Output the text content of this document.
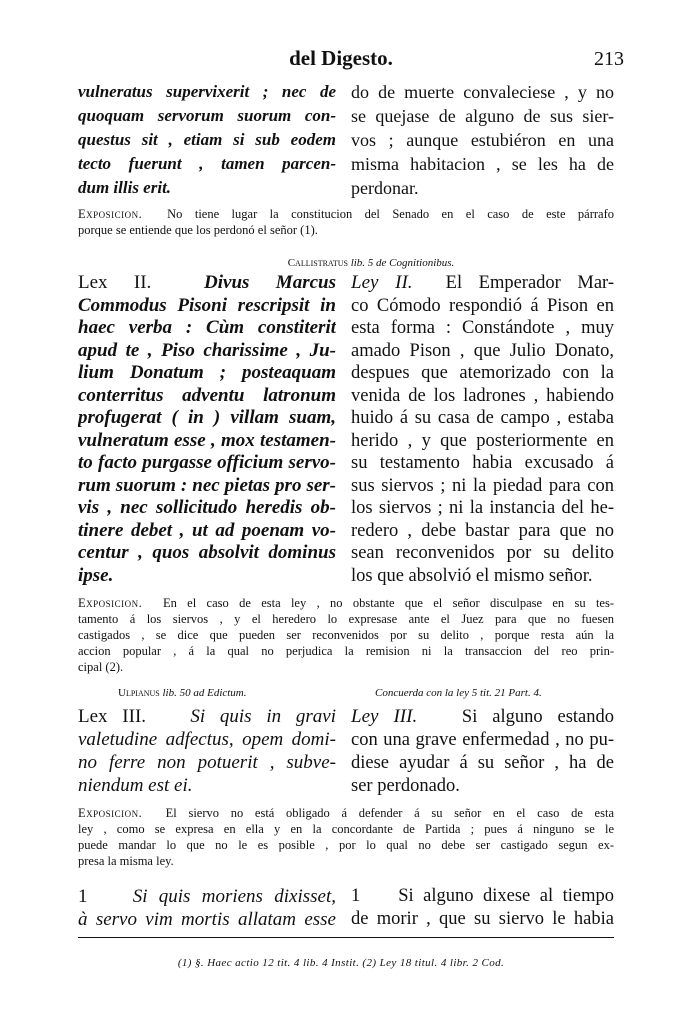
del Digesto.	213
vulneratus supervixerit ; nec de
quoquam servorum suorum con-
questus sit , etiam si sub eodem
tecto fuerunt , tamen parcen-
dum illis erit.
do de muerte convaleciese , y no
se quejase de alguno de sus sier-
vos ; aunque estubiéron en una
misma habitacion , se les ha de
perdonar.
Exposicion. No tiene lugar la constitucion del Senado en el caso de este párrafo
porque se entiende que los perdonó el señor (1).
Callistratus lib. 5 de Cognitionibus.
Lex II.	Divus Marcus
Commodus Pisoni rescripsit in
haec verba : Cùm constiterit
apud te , Piso charissime , Ju-
lium Donatum ; posteaquam
conterritus adventu latronum
profugerat ( in ) villam suam,
vulneratum esse , mox testamen-
to facto purgasse officium servo-
rum suorum : nec pietas pro ser-
vis , nec sollicitudo heredis ob-
tinere debet , ut ad poenam vo-
centur , quos absolvit dominus
ipse.
Ley II. El Emperador Mar-
co Cómodo respondió á Pison en
esta forma : Constándote , muy
amado Pison , que Julio Donato,
despues que atemorizado con la
venida de los ladrones , habiendo
huido á su casa de campo , estaba
herido , y que posteriormente en
su testamento habia excusado á
sus siervos ; ni la piedad para con
los siervos ; ni la instancia del he-
redero , debe bastar para que no
sean reconvenidos por su delito
los que absolvió el mismo señor.
Exposicion. En el caso de esta ley , no obstante que el señor disculpase en su tes-
tamento á los siervos , y el heredero lo expresase ante el Juez para que no fuesen
castigados , se dice que pueden ser reconvenidos por su delito , porque resta aún la
accion popular , á la qual no perjudica la remision ni la transaccion del reo prin-
cipal (2).
Ulpianus lib. 50 ad Edictum.	Concuerda con la ley 5 tit. 21 Part. 4.
Lex III. Si quis in gravi
valetudine adfectus, opem domi-
no ferre non potuerit , subve-
niendum est ei.
Ley III. Si alguno estando
con una grave enfermedad , no pu-
diese ayudar á su señor , ha de
ser perdonado.
Exposicion. El siervo no está obligado á defender á su señor en el caso de esta
ley , como se expresa en ella y en la concordante de Partida ; pues á ninguno se le
puede mandar lo que no le es posible , por lo qual no debe ser castigado segun ex-
presa la misma ley.
1 Si quis moriens dixisset,
à servo vim mortis allatam esse
1 Si alguno dixese al tiempo
de morir , que su siervo le habia
(1) §. Haec actio 12 tit. 4 lib. 4 Instit. (2) Ley 18 titul. 4 libr. 2 Cod.
